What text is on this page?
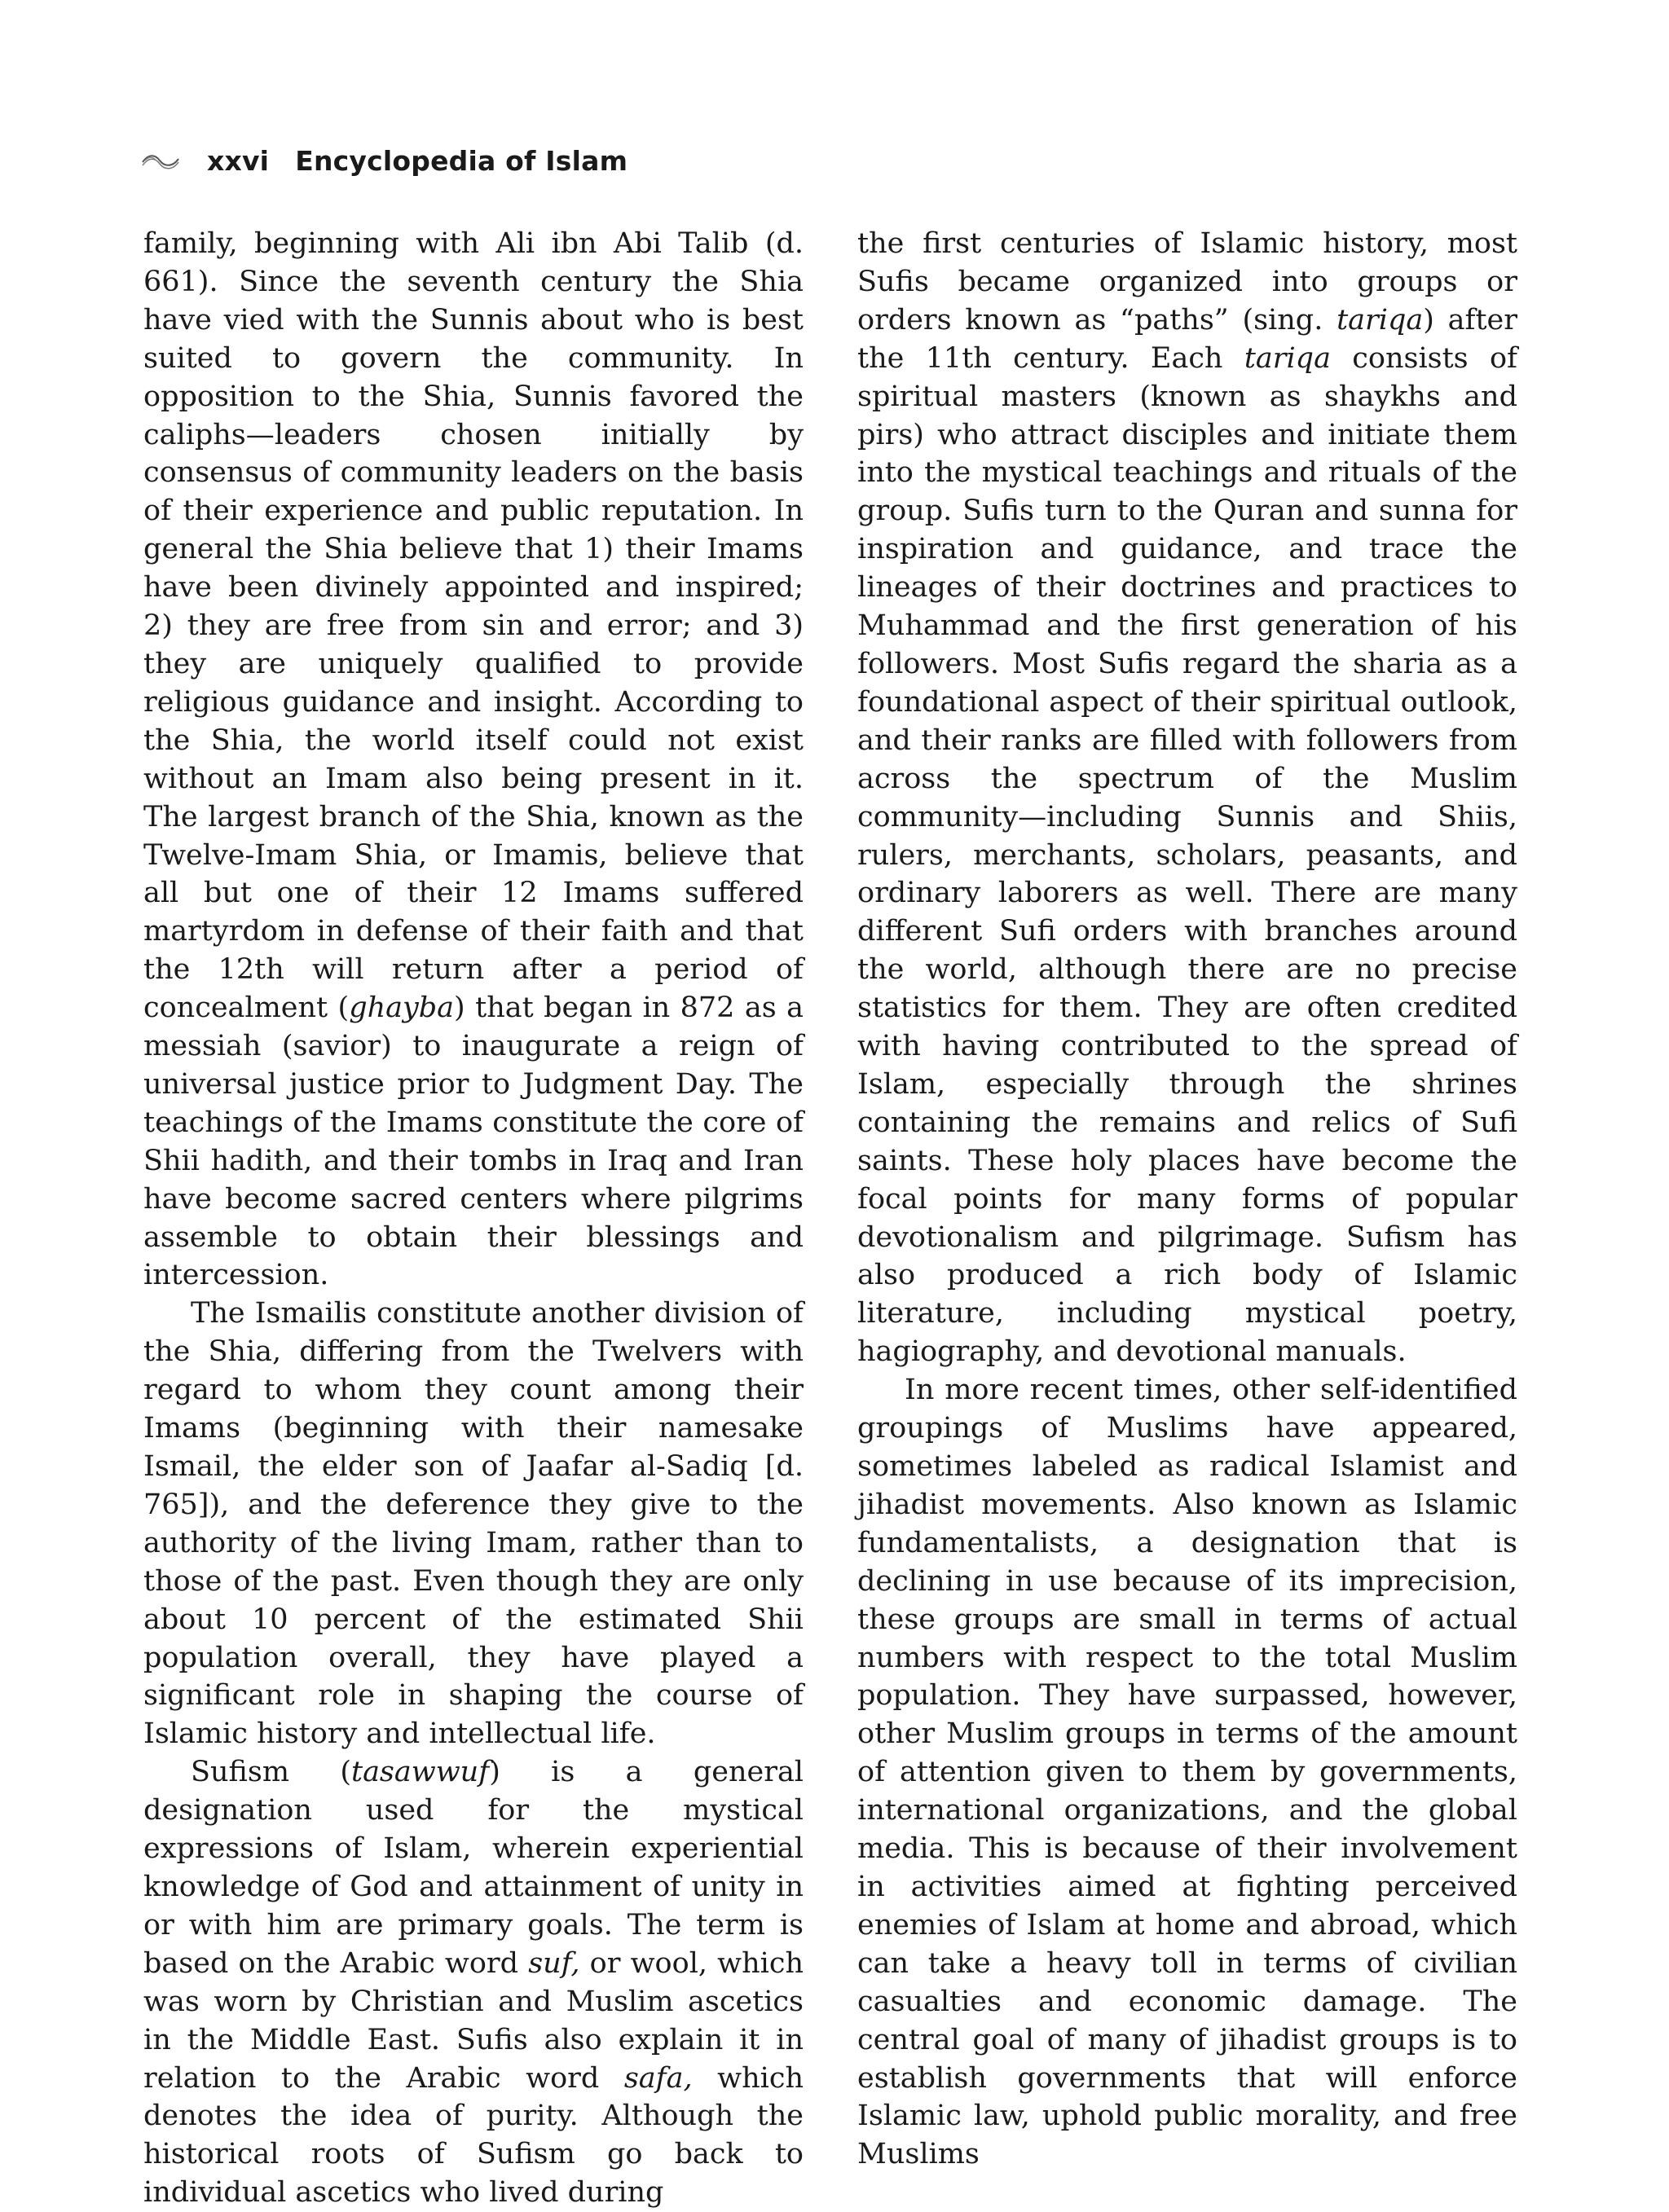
xxvi Encyclopedia of Islam

family, beginning with Ali ibn Abi Talib (d. 661). Since the seventh century the Shia have vied with the Sunnis about who is best suited to govern the community. In opposition to the Shia, Sunnis favored the caliphs—leaders chosen initially by consensus of community leaders on the basis of their experience and public reputation. In general the Shia believe that 1) their Imams have been divinely appointed and inspired; 2) they are free from sin and error; and 3) they are uniquely qualified to provide religious guidance and insight. According to the Shia, the world itself could not exist without an Imam also being present in it. The largest branch of the Shia, known as the Twelve-Imam Shia, or Imamis, believe that all but one of their 12 Imams suffered martyrdom in defense of their faith and that the 12th will return after a period of concealment (ghayba) that began in 872 as a messiah (savior) to inaugurate a reign of universal justice prior to Judgment Day. The teachings of the Imams constitute the core of Shii hadith, and their tombs in Iraq and Iran have become sacred centers where pilgrims assemble to obtain their blessings and intercession.

The Ismailis constitute another division of the Shia, differing from the Twelvers with regard to whom they count among their Imams (beginning with their namesake Ismail, the elder son of Jaafar al-Sadiq [d. 765]), and the deference they give to the authority of the living Imam, rather than to those of the past. Even though they are only about 10 percent of the estimated Shii population overall, they have played a significant role in shaping the course of Islamic history and intellectual life.

Sufism (tasawwuf) is a general designation used for the mystical expressions of Islam, wherein experiential knowledge of God and attainment of unity in or with him are primary goals. The term is based on the Arabic word suf, or wool, which was worn by Christian and Muslim ascetics in the Middle East. Sufis also explain it in relation to the Arabic word safa, which denotes the idea of purity. Although the historical roots of Sufism go back to individual ascetics who lived during

the first centuries of Islamic history, most Sufis became organized into groups or orders known as “paths” (sing. tariqa) after the 11th century. Each tariqa consists of spiritual masters (known as shaykhs and pirs) who attract disciples and initiate them into the mystical teachings and rituals of the group. Sufis turn to the Quran and sunna for inspiration and guidance, and trace the lineages of their doctrines and practices to Muhammad and the first generation of his followers. Most Sufis regard the sharia as a foundational aspect of their spiritual outlook, and their ranks are filled with followers from across the spectrum of the Muslim community—including Sunnis and Shiis, rulers, merchants, scholars, peasants, and ordinary laborers as well. There are many different Sufi orders with branches around the world, although there are no precise statistics for them. They are often credited with having contributed to the spread of Islam, especially through the shrines containing the remains and relics of Sufi saints. These holy places have become the focal points for many forms of popular devotionalism and pilgrimage. Sufism has also produced a rich body of Islamic literature, including mystical poetry, hagiography, and devotional manuals.

In more recent times, other self-identified groupings of Muslims have appeared, sometimes labeled as radical Islamist and jihadist movements. Also known as Islamic fundamentalists, a designation that is declining in use because of its imprecision, these groups are small in terms of actual numbers with respect to the total Muslim population. They have surpassed, however, other Muslim groups in terms of the amount of attention given to them by governments, international organizations, and the global media. This is because of their involvement in activities aimed at fighting perceived enemies of Islam at home and abroad, which can take a heavy toll in terms of civilian casualties and economic damage. The central goal of many of jihadist groups is to establish governments that will enforce Islamic law, uphold public morality, and free Muslims
